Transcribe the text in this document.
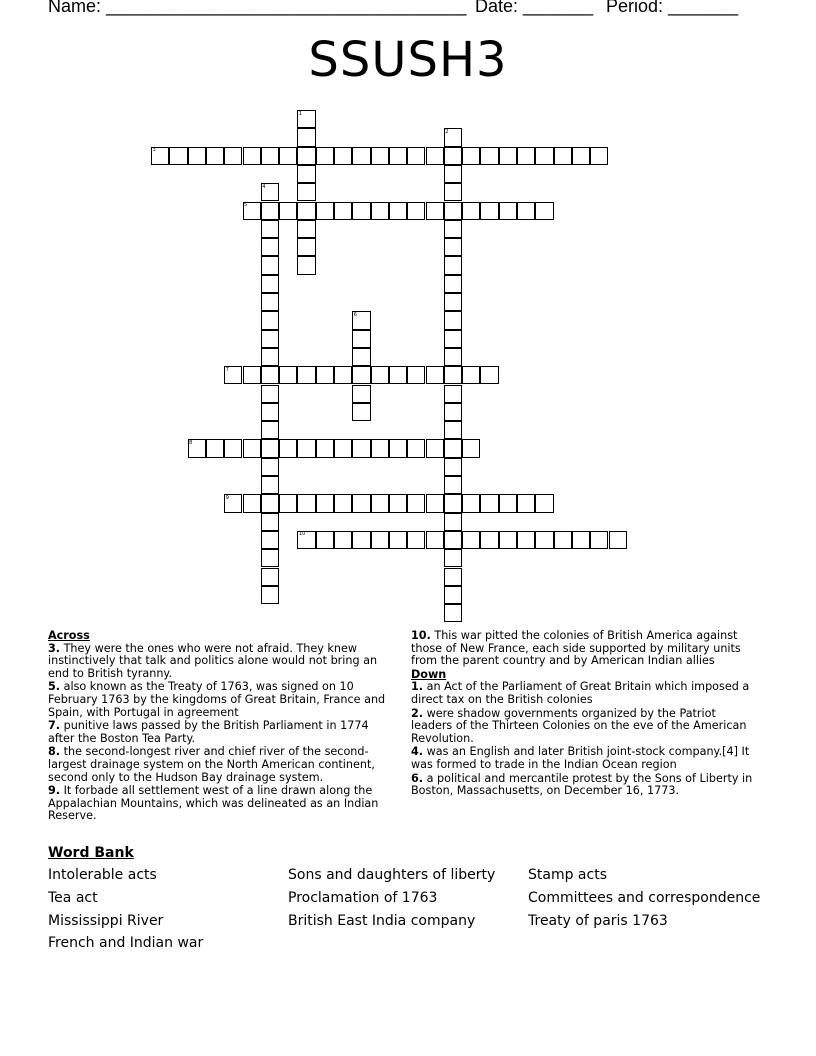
Name: ____________________________________ Date: _______ Period: _______
SSUSH3
1
2
3
4
5
6
7
8
9
10
Across
3. They were the ones who were not afraid. They knew instinctively that talk and politics alone would not bring an end to British tyranny.
5. also known as the Treaty of 1763, was signed on 10 February 1763 by the kingdoms of Great Britain, France and Spain, with Portugal in agreement
7. punitive laws passed by the British Parliament in 1774 after the Boston Tea Party.
8. the second-longest river and chief river of the second-largest drainage system on the North American continent, second only to the Hudson Bay drainage system.
9. It forbade all settlement west of a line drawn along the Appalachian Mountains, which was delineated as an Indian Reserve.
10. This war pitted the colonies of British America against those of New France, each side supported by military units from the parent country and by American Indian allies
Down
1. an Act of the Parliament of Great Britain which imposed a direct tax on the British colonies
2. were shadow governments organized by the Patriot leaders of the Thirteen Colonies on the eve of the American Revolution.
4. was an English and later British joint-stock company.[4] It was formed to trade in the Indian Ocean region
6. a political and mercantile protest by the Sons of Liberty in Boston, Massachusetts, on December 16, 1773.
Word Bank
Intolerable acts
Tea act
Mississippi River
French and Indian war
Sons and daughters of liberty
Proclamation of 1763
British East India company
Stamp acts
Committees and correspondence
Treaty of paris 1763
